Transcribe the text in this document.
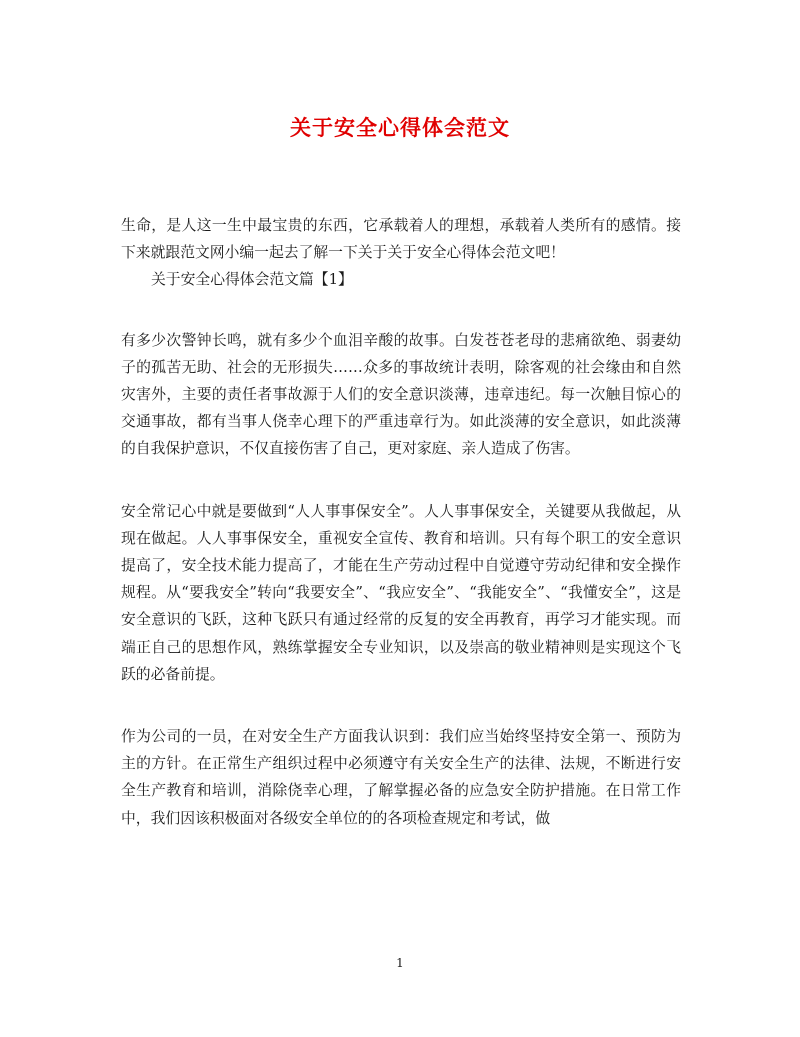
关于安全心得体会范文

生命，是人这一生中最宝贵的东西，它承载着人的理想，承载着人类所有的感情。接下来就跟范文网小编一起去了解一下关于关于安全心得体会范文吧！

关于安全心得体会范文篇【1】

有多少次警钟长鸣，就有多少个血泪辛酸的故事。白发苍苍老母的悲痛欲绝、弱妻幼子的孤苦无助、社会的无形损失……众多的事故统计表明，除客观的社会缘由和自然灾害外，主要的责任者事故源于人们的安全意识淡薄，违章违纪。每一次触目惊心的交通事故，都有当事人侥幸心理下的严重违章行为。如此淡薄的安全意识，如此淡薄的自我保护意识，不仅直接伤害了自己，更对家庭、亲人造成了伤害。

安全常记心中就是要做到“人人事事保安全”。人人事事保安全，关键要从我做起，从现在做起。人人事事保安全，重视安全宣传、教育和培训。只有每个职工的安全意识提高了，安全技术能力提高了，才能在生产劳动过程中自觉遵守劳动纪律和安全操作规程。从“要我安全”转向“我要安全”、“我应安全”、“我能安全”、“我懂安全”，这是安全意识的飞跃，这种飞跃只有通过经常的反复的安全再教育，再学习才能实现。而端正自己的思想作风，熟练掌握安全专业知识，以及崇高的敬业精神则是实现这个飞跃的必备前提。

作为公司的一员，在对安全生产方面我认识到：我们应当始终坚持安全第一、预防为主的方针。在正常生产组织过程中必须遵守有关安全生产的法律、法规，不断进行安全生产教育和培训，消除侥幸心理，了解掌握必备的应急安全防护措施。在日常工作中，我们因该积极面对各级安全单位的的各项检查规定和考试，做

1
